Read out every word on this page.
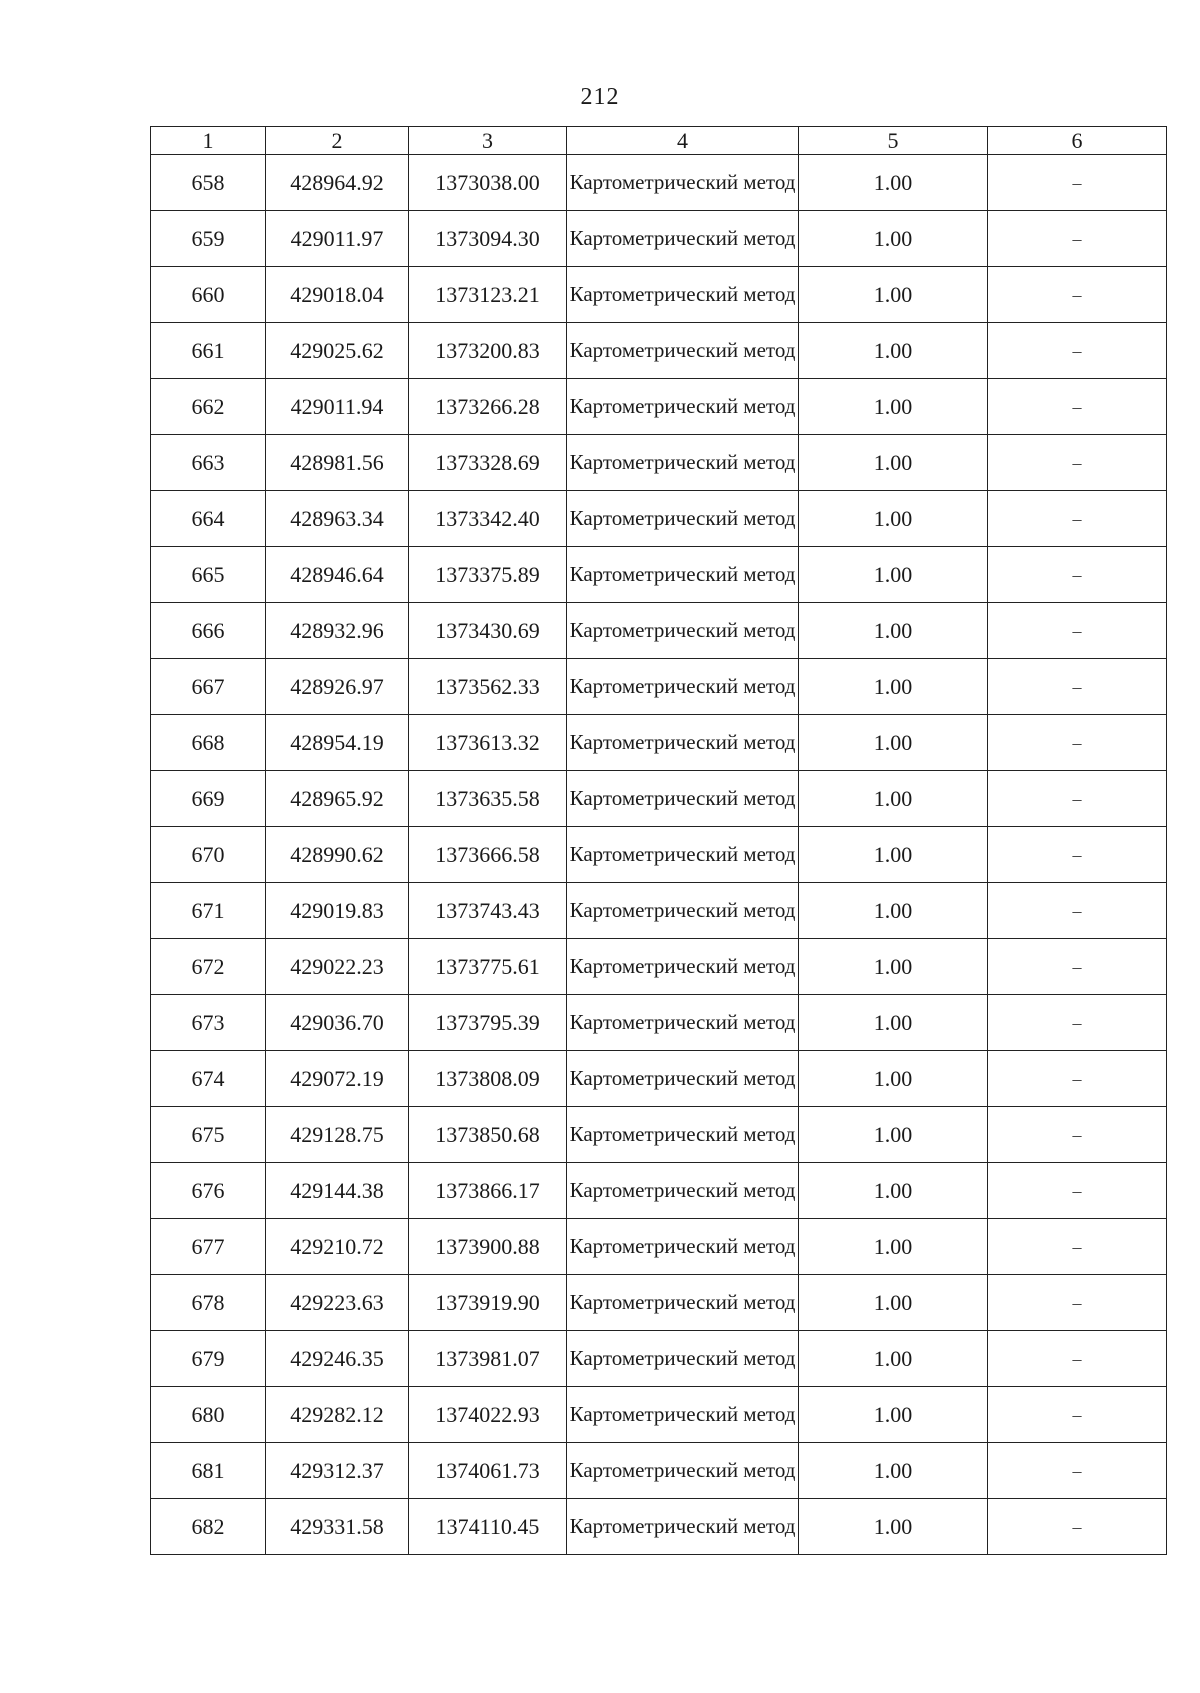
212
1	2	3	4	5	6
658	428964.92	1373038.00	Картометрический метод	1.00	–
659	429011.97	1373094.30	Картометрический метод	1.00	–
660	429018.04	1373123.21	Картометрический метод	1.00	–
661	429025.62	1373200.83	Картометрический метод	1.00	–
662	429011.94	1373266.28	Картометрический метод	1.00	–
663	428981.56	1373328.69	Картометрический метод	1.00	–
664	428963.34	1373342.40	Картометрический метод	1.00	–
665	428946.64	1373375.89	Картометрический метод	1.00	–
666	428932.96	1373430.69	Картометрический метод	1.00	–
667	428926.97	1373562.33	Картометрический метод	1.00	–
668	428954.19	1373613.32	Картометрический метод	1.00	–
669	428965.92	1373635.58	Картометрический метод	1.00	–
670	428990.62	1373666.58	Картометрический метод	1.00	–
671	429019.83	1373743.43	Картометрический метод	1.00	–
672	429022.23	1373775.61	Картометрический метод	1.00	–
673	429036.70	1373795.39	Картометрический метод	1.00	–
674	429072.19	1373808.09	Картометрический метод	1.00	–
675	429128.75	1373850.68	Картометрический метод	1.00	–
676	429144.38	1373866.17	Картометрический метод	1.00	–
677	429210.72	1373900.88	Картометрический метод	1.00	–
678	429223.63	1373919.90	Картометрический метод	1.00	–
679	429246.35	1373981.07	Картометрический метод	1.00	–
680	429282.12	1374022.93	Картометрический метод	1.00	–
681	429312.37	1374061.73	Картометрический метод	1.00	–
682	429331.58	1374110.45	Картометрический метод	1.00	–
